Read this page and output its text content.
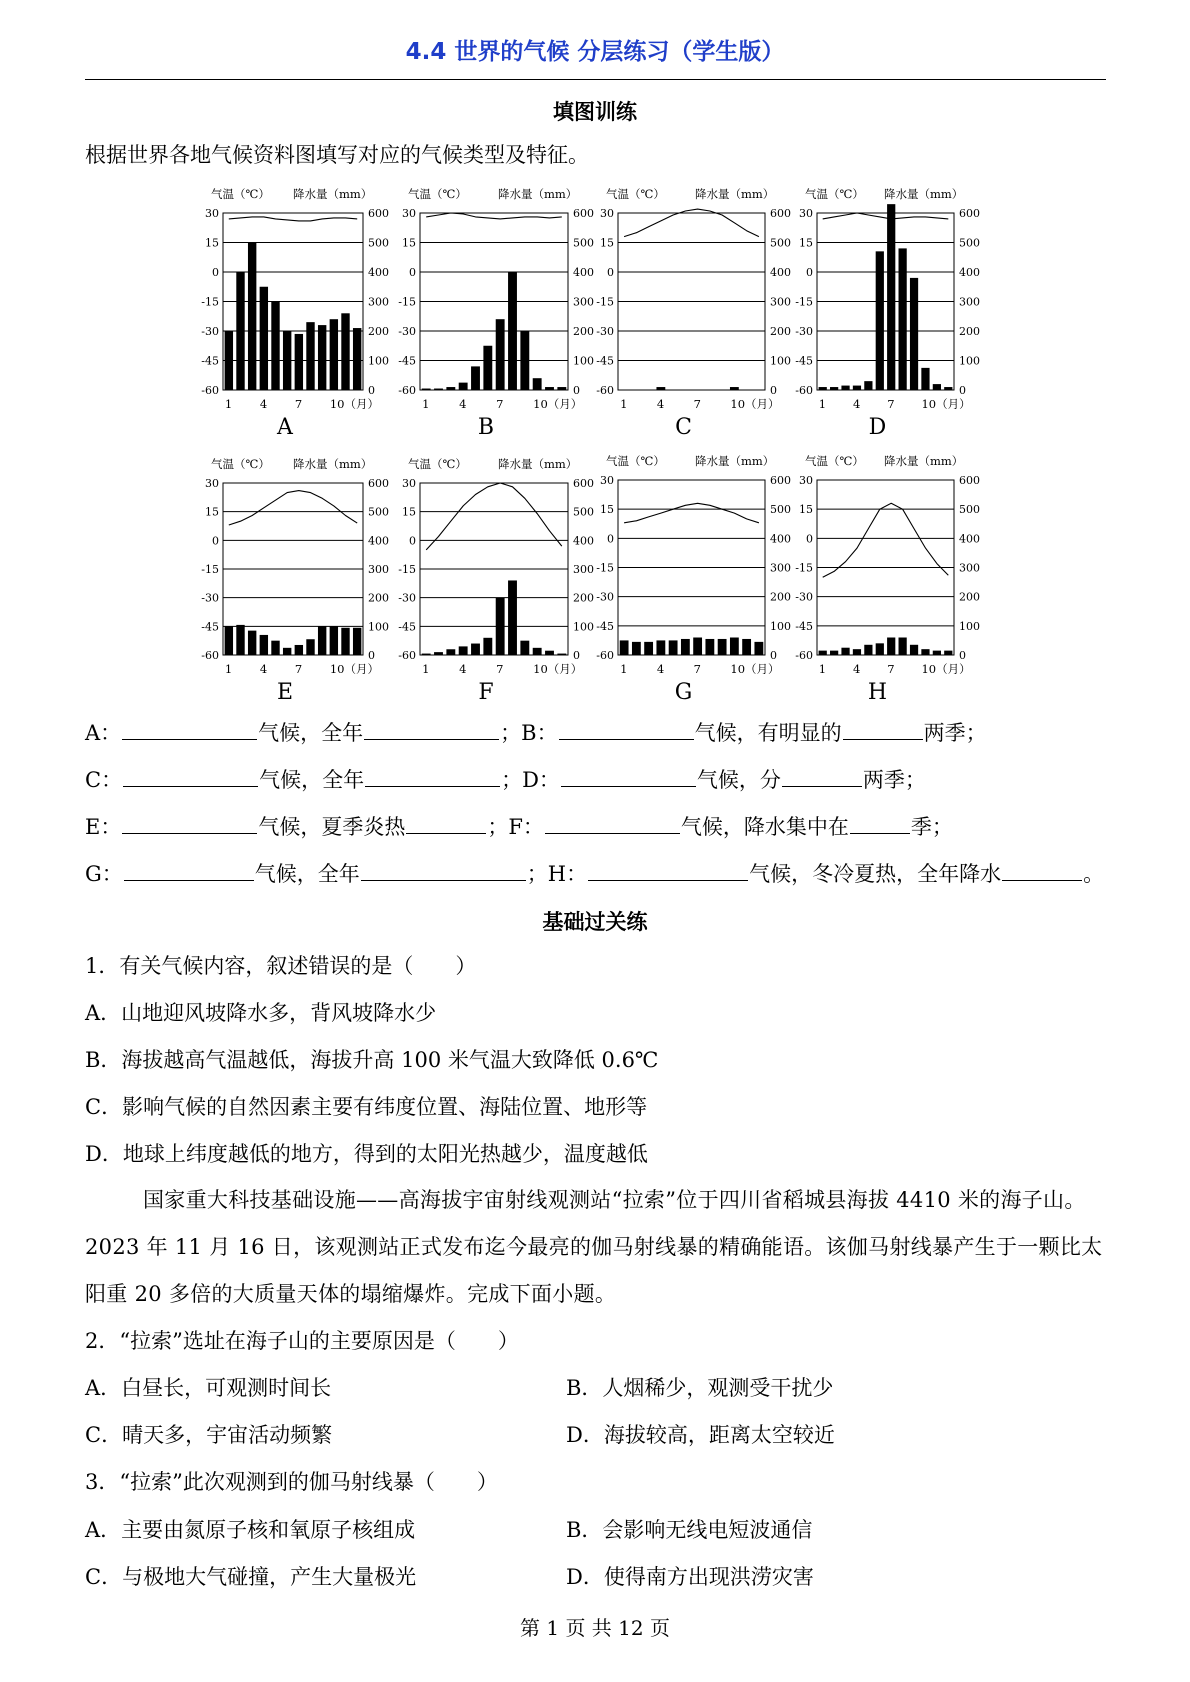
4.4 世界的气候 分层练习（学生版）
填图训练
根据世界各地气候资料图填写对应的气候类型及特征。
30
15
0
-15
-30
-45
-60
600
500
400
300
200
100
0
气温（℃） 降水量（mm）
1 4 7 10（月）
A
30
15
0
-15
-30
-45
-60
600
500
400
300
200
100
0
气温（℃）	降水量（mm）
1	4	7	10（月）
B
30
15
0
-15
-30
-45
-60
600
500
400
300
200
100
0
气温（℃）	降水量（mm）
1	4	7	10（月）
C
30
15
0
-15
-30
-45
-60
600
500
400
300
200
100
0
气温（℃） 降水量（mm）
1 4 7 10（月）
D
30
15
0
-15
-30
-45
-60
600
500
400
300
200
100
0
气温（℃） 降水量（mm）
1 4 7 10（月）
E
30
15
0
-15
-30
-45
-60
600
500
400
300
200
100
0
气温（℃）	降水量（mm）
1	4	7	10（月）
F
30
15
0
-15
-30
-45
-60
600
500
400
300
200
100
0
气温（℃）	降水量（mm）
1	4	7	10（月）
G
30
15
0
-15
-30
-45
-60
600
500
400
300
200
100
0
气温（℃） 降水量（mm）
1 4 7 10（月）
H
A：	气候，全年	；B：	气候，有明显的	两季；
C：	气候，全年	；D：	气候，分	两季；
E：	气候，夏季炎热	；F：	气候，降水集中在	季；
G：	气候，全年	；H：	气候，冬冷夏热，全年降水	。
基础过关练
1．有关气候内容，叙述错误的是（　　）
A．山地迎风坡降水多，背风坡降水少
B．海拔越高气温越低，海拔升高 100 米气温大致降低 0.6℃
C．影响气候的自然因素主要有纬度位置、海陆位置、地形等
D．地球上纬度越低的地方，得到的太阳光热越少，温度越低
国家重大科技基础设施——高海拔宇宙射线观测站“拉索”位于四川省稻城县海拔 4410 米的海子山。2023 年 11 月 16 日，该观测站正式发布迄今最亮的伽马射线暴的精确能语。该伽马射线暴产生于一颗比太阳重 20 多倍的大质量天体的塌缩爆炸。完成下面小题。
2．“拉索”选址在海子山的主要原因是（　　）
A．白昼长，可观测时间长	B．人烟稀少，观测受干扰少
C．晴天多，宇宙活动频繁	D．海拔较高，距离太空较近
3．“拉索”此次观测到的伽马射线暴（　　）
A．主要由氮原子核和氧原子核组成	B．会影响无线电短波通信
C．与极地大气碰撞，产生大量极光	D．使得南方出现洪涝灾害
第 1 页 共 12 页
